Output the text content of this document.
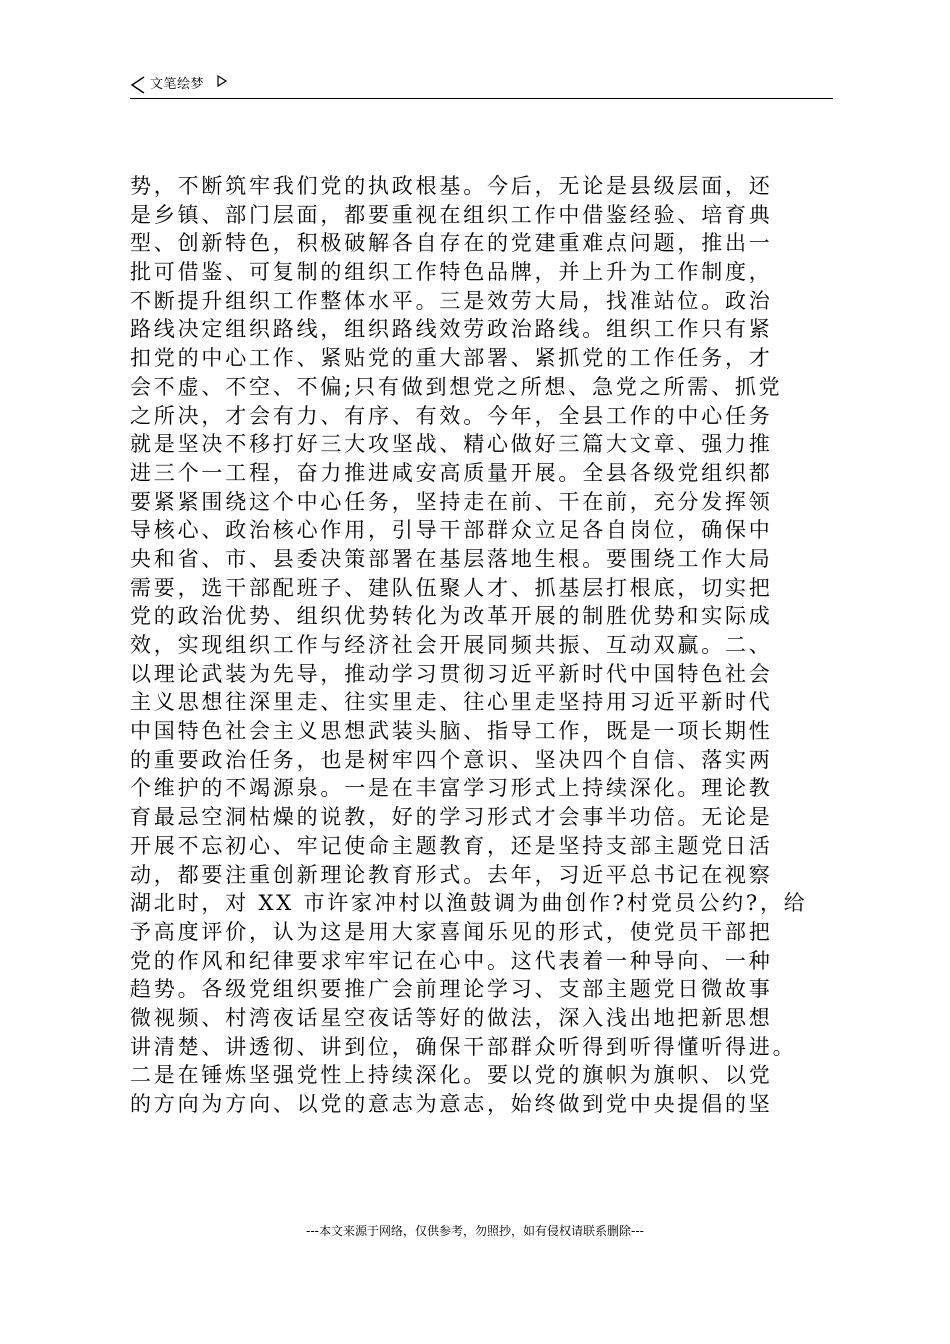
文笔绘梦
势，不断筑牢我们党的执政根基。今后，无论是县级层面，还
是乡镇、部门层面，都要重视在组织工作中借鉴经验、培育典
型、创新特色，积极破解各自存在的党建重难点问题，推出一
批可借鉴、可复制的组织工作特色品牌，并上升为工作制度，
不断提升组织工作整体水平。三是效劳大局，找准站位。政治
路线决定组织路线，组织路线效劳政治路线。组织工作只有紧
扣党的中心工作、紧贴党的重大部署、紧抓党的工作任务，才
会不虚、不空、不偏;只有做到想党之所想、急党之所需、抓党
之所决，才会有力、有序、有效。今年，全县工作的中心任务
就是坚决不移打好三大攻坚战、精心做好三篇大文章、强力推
进三个一工程，奋力推进咸安高质量开展。全县各级党组织都
要紧紧围绕这个中心任务，坚持走在前、干在前，充分发挥领
导核心、政治核心作用，引导干部群众立足各自岗位，确保中
央和省、市、县委决策部署在基层落地生根。要围绕工作大局
需要，选干部配班子、建队伍聚人才、抓基层打根底，切实把
党的政治优势、组织优势转化为改革开展的制胜优势和实际成
效，实现组织工作与经济社会开展同频共振、互动双赢。二、
以理论武装为先导，推动学习贯彻习近平新时代中国特色社会
主义思想往深里走、往实里走、往心里走坚持用习近平新时代
中国特色社会主义思想武装头脑、指导工作，既是一项长期性
的重要政治任务，也是树牢四个意识、坚决四个自信、落实两
个维护的不竭源泉。一是在丰富学习形式上持续深化。理论教
育最忌空洞枯燥的说教，好的学习形式才会事半功倍。无论是
开展不忘初心、牢记使命主题教育，还是坚持支部主题党日活
动，都要注重创新理论教育形式。去年，习近平总书记在视察
湖北时，对 XX 市许家冲村以渔鼓调为曲创作?村党员公约?，给
予高度评价，认为这是用大家喜闻乐见的形式，使党员干部把
党的作风和纪律要求牢牢记在心中。这代表着一种导向、一种
趋势。各级党组织要推广会前理论学习、支部主题党日微故事
微视频、村湾夜话星空夜话等好的做法，深入浅出地把新思想
讲清楚、讲透彻、讲到位，确保干部群众听得到听得懂听得进。
二是在锤炼坚强党性上持续深化。要以党的旗帜为旗帜、以党
的方向为方向、以党的意志为意志，始终做到党中央提倡的坚
---本文来源于网络，仅供参考，勿照抄，如有侵权请联系删除---
